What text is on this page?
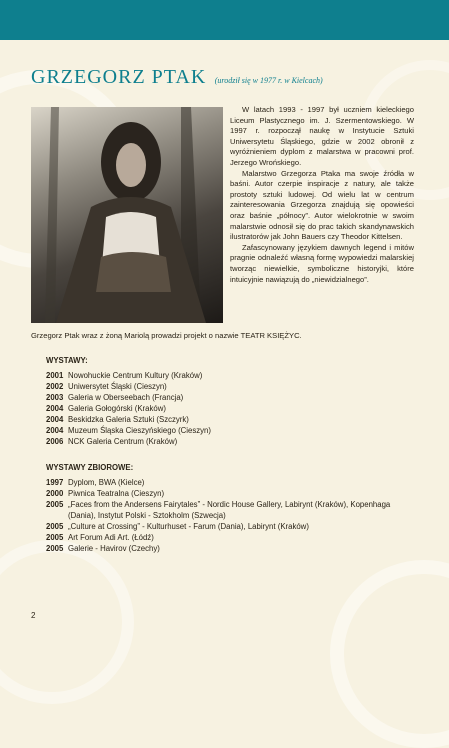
GRZEGORZ PTAK (urodził się w 1977 r. w Kielcach)

W latach 1993 - 1997 był uczniem kieleckiego Liceum Plastycznego im. J. Szermentowskiego. W 1997 r. rozpoczął naukę w Instytucie Sztuki Uniwersytetu Śląskiego, gdzie w 2002 obronił z wyróżnieniem dyplom z malarstwa w pracowni prof. Jerzego Wrońskiego.

Malarstwo Grzegorza Ptaka ma swoje źródła w baśni. Autor czerpie inspiracje z natury, ale także prostoty sztuki ludowej. Od wielu lat w centrum zainteresowania Grzegorza znajdują się opowieści oraz baśnie „północy”. Autor wielokrotnie w swoim malarstwie odnosił się do prac takich skandynawskich ilustratorów jak John Bauers czy Theodor Kittelsen.

Zafascynowany językiem dawnych legend i mitów pragnie odnaleźć własną formę wypowiedzi malarskiej tworząc niewielkie, symboliczne historyjki, które intuicyjnie nawiązują do „niewidzialnego”.

Grzegorz Ptak wraz z żoną Mariolą prowadzi projekt o nazwie TEATR KSIĘŻYC.

WYSTAWY:
2001 Nowohuckie Centrum Kultury (Kraków)
2002 Uniwersytet Śląski (Cieszyn)
2003 Galeria w Oberseebach (Francja)
2004 Galeria Gołogórski (Kraków)
2004 Beskidzka Galeria Sztuki (Szczyrk)
2004 Muzeum Śląska Cieszyńskiego (Cieszyn)
2006 NCK Galeria Centrum (Kraków)
WYSTAWY ZBIOROWE:
1997 Dyplom, BWA (Kielce)
2000 Piwnica Teatralna (Cieszyn)
2005 „Faces from the Andersens Fairytales” - Nordic House Gallery, Labirynt (Kraków), Kopenhaga (Dania), Instytut Polski - Sztokholm (Szwecja)
2005 „Culture at Crossing” - Kulturhuset - Farum (Dania), Labirynt (Kraków)
2005 Art Forum Adi Art. (Łódź)
2005 Galerie - Havirov (Czechy)
2
